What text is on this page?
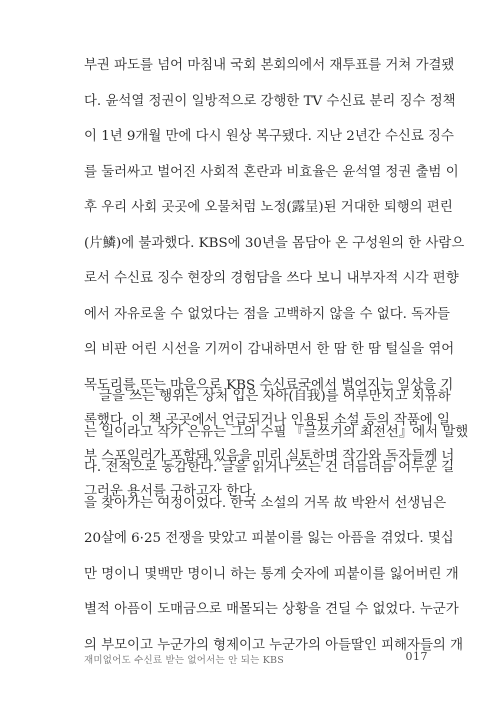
부권 파도를 넘어 마침내 국회 본회의에서 재투표를 거쳐 가결됐
다. 윤석열 정권이 일방적으로 강행한 TV 수신료 분리 징수 정책
이 1년 9개월 만에 다시 원상 복구됐다. 지난 2년간 수신료 징수
를 둘러싸고 벌어진 사회적 혼란과 비효율은 윤석열 정권 출범 이
후 우리 사회 곳곳에 오물처럼 노정(露呈)된 거대한 퇴행의 편린
(片鱗)에 불과했다. KBS에 30년을 몸담아 온 구성원의 한 사람으
로서 수신료 징수 현장의 경험담을 쓰다 보니 내부자적 시각 편향
에서 자유로울 수 없었다는 점을 고백하지 않을 수 없다. 독자들
의 비판 어린 시선을 기꺼이 감내하면서 한 땀 한 땀 털실을 엮어
목도리를 뜨는 마음으로 KBS 수신료국에서 벌어지는 일상을 기
록했다. 이 책 곳곳에서 언급되거나 인용된 소설 등의 작품에 일
부 스포일러가 포함돼 있음을 미리 실토하며 작가와 독자들께 너
그러운 용서를 구하고자 한다.
글을 쓰는 행위는 상처 입은 자아(自我)를 어루만지고 치유하
는 일이라고 작가 은유는 그의 수필 『글쓰기의 최전선』에서 말했
다. 전적으로 동감한다. 글을 읽거나 쓰는 건 더듬더듬 어두운 길
을 찾아가는 여정이었다. 한국 소설의 거목 故 박완서 선생님은
20살에 6·25 전쟁을 맞았고 피붙이를 잃는 아픔을 겪었다. 몇십
만 명이니 몇백만 명이니 하는 통계 숫자에 피붙이를 잃어버린 개
별적 아픔이 도매금으로 매몰되는 상황을 견딜 수 없었다. 누군가
의 부모이고 누군가의 형제이고 누군가의 아들딸인 피해자들의 개
재미없어도 수신료 받는 없어서는 안 되는 KBS	017
